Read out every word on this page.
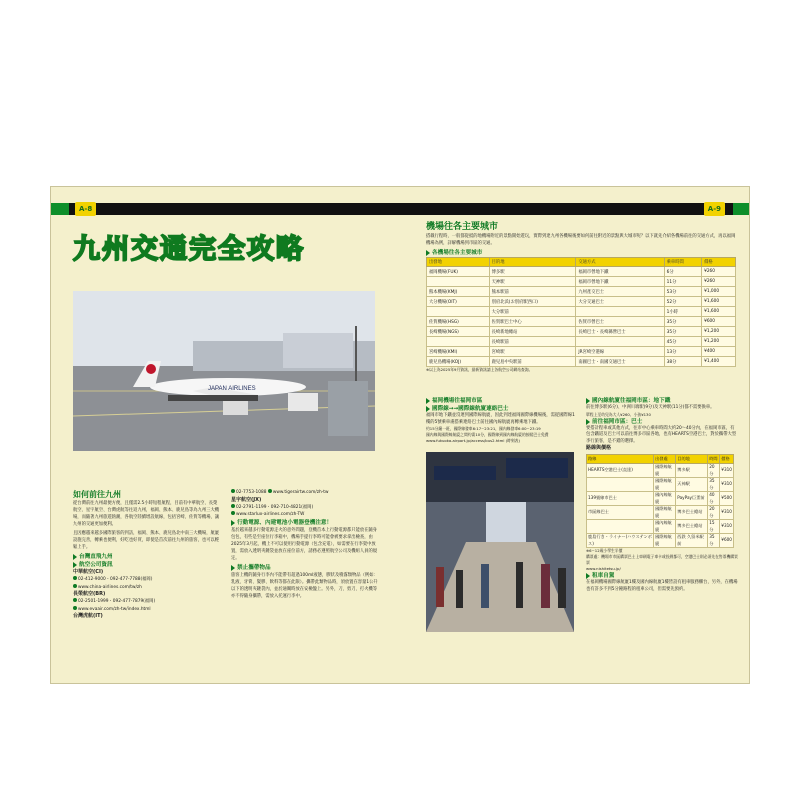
A-8	A-9
九州交通完全攻略
JAPAN AIRLINES
如何前往九州
從台灣前往九州最便方便，且僅需2.5小時短程航程，目前有中華航空、長榮航空、星宇航空、台灣虎航等往返九州，福岡、熊本、鹿兒島等為九州三大機場，而隨著九州旅遊熱潮，各航空陸續增設航線，包括宮崎、佐賀等機場，讓九州的交通更加便利。
且因應越來越多國際旅客的到訪，福岡、熊本、鹿兒島北中南三大機場，航廈設施完善，轉乘也便利，好吃也好買，即使是首次前往九州的旅客，也可以輕鬆上手。
台灣直飛九州
航空公司資訊
中華航空(CI)
02-412-9000・092-477-7788(福岡)
www.china-airlines.com/tw/zh
長榮航空(BR)
02-2501-1999・092-477-7879(福岡)
www.evaair.com/zh-tw/index.html
台灣虎航(IT)
02-7753-1088 www.tigerairtw.com/zh-tw
星宇航空(JX)
02-2791-1199・092-710-4821(福岡)
www.starlux-airlines.com/zh-TW
行動電源、內建電池小電器登機注意！
基於越來越多行動電源走火的意外問題，登機首本上行動電源都只能放在隨身包包，有些是至座位行李箱中，機場手提行李時可能會被要求拿出檢查，由2025年3月起，機上不可以使用行動電源（包含充電），如需要在行李架中放置，需放入透明夾鏈袋並放在座位前方，請務必遵照航空公司及機組人員的規定。
禁止攜帶物品
旅客上機的隨身行李內不能帶有超過100ml液態，膠狀及噴霧類物品（例如：乳液、牙膏、髮膠、飲料等都在此限）。攜帶此類物品時，須放置在容量1公升以下的透明夾鏈袋內，並於通關時放在安檢盤上。另外，刀、剪刀、打火機等亦不得隨身攜帶，需放入托運行李中。
機場往各主要城市
搭載行程時，一般都從抵的地機場附近的景點開始遊玩，實際到達九州各機場後要如何前往附近的景點與大城市呢？以下就先介紹各機場前往的交通方式，再以福岡機場為例，詳解機場到市區的交通。
各機場往各主要城市
出發地	目的地	交通方式	乘車時間	價格
福岡機場(FUK)	博多駅	福岡市營地下鐵	6分	¥260
	天神駅	福岡市營地下鐵	11分	¥260
熊本機場(KMJ)	熊本駅前	九州產交巴士	53分	¥1,000
大分機場(OIT)	別府北浜(お別府駅西口)	大分交通巴士	52分	¥1,600
	大分駅前		1小時	¥1,600
佐賀機場(HSG)	佐賀駅巴士中心	佐賀市營巴士	35分	¥600
長崎機場(NGS)	長崎新地總站	長崎巴士・長崎縣營巴士	35分	¥1,200
	長崎駅前		45分	¥1,200
宮崎機場(KMI)	宮崎駅	JR宮崎空港線	13分	¥400
鹿兒島機場(KOJ)	鹿兒島中央駅前	南國巴士・南國交通巴士	38分	¥1,400
※以上為2025年9月資訊，最新資訊請上各航空公司網站查詢。
福岡機場往福岡市區
國際線→→國際線航廈連絡巴士
福岡市地下鐵並沒連到國際線航廈，因此到達福岡國際線機場後，需從國際線1樓的5號乘車處搭乘連絡巴士前往國內線航廈再轉乘地下鐵。
約15分鐘一班，國際線發車6:17~23:21，國內線發車6:00~23:19
國內線與國際線航廈之間約需10分，國際線到國內線航廈的接駁巴士免費
www.fukuoka-airport.jp/access/bus2.html (時刻表)
國內線航廈往福岡市區：地下鐵
前往博多駅(6分)、中洲川端駅(9分)及天神駅(11分)都不需要換車。
單程上至幼兒為大人¥260、小孩¥130
前往福岡市區：巴士
要搭計程車或其他方式，往市中心乘車時間大約20～40分內，在福岡市區，有包含鐵道及巴士可以前往博多市區各地，也有HEARTS空港巴士，對於攜帶大型李行旅客，是不錯的選擇。
路線與價格
路線	出發處	目的地	時間	價格
HEARTS空港巴士(直達)	國際線航廈	博多駅	20分	¥310
	國際線航廈	天神駅	35分	¥310
139號線市巴士	國內線航廈	PayPay巨蛋前	40分	¥500
市區線巴士	國際線航廈	博多巴士總站	20分	¥310
	國內線航廈	博多巴士總站	15分	¥310
鹿島行き・ライナー(ハウステンボス)	國際線航廈	西鉄 久留米駅前	35分	¥600
※6~12歲小學生半價
購票處：機場市市區購票巴士上車刷電子車卡或投錢都可，空港巴士則必須先在售票機購買票
www.nishitetsu.jp/
租車自駕
在福岡機場國際線航廈1樓及國內線航廈1樓皆設有租車服務櫃台，另外，在機場也有許多不到5分鐘路程的租車公司，但需要先預約。
